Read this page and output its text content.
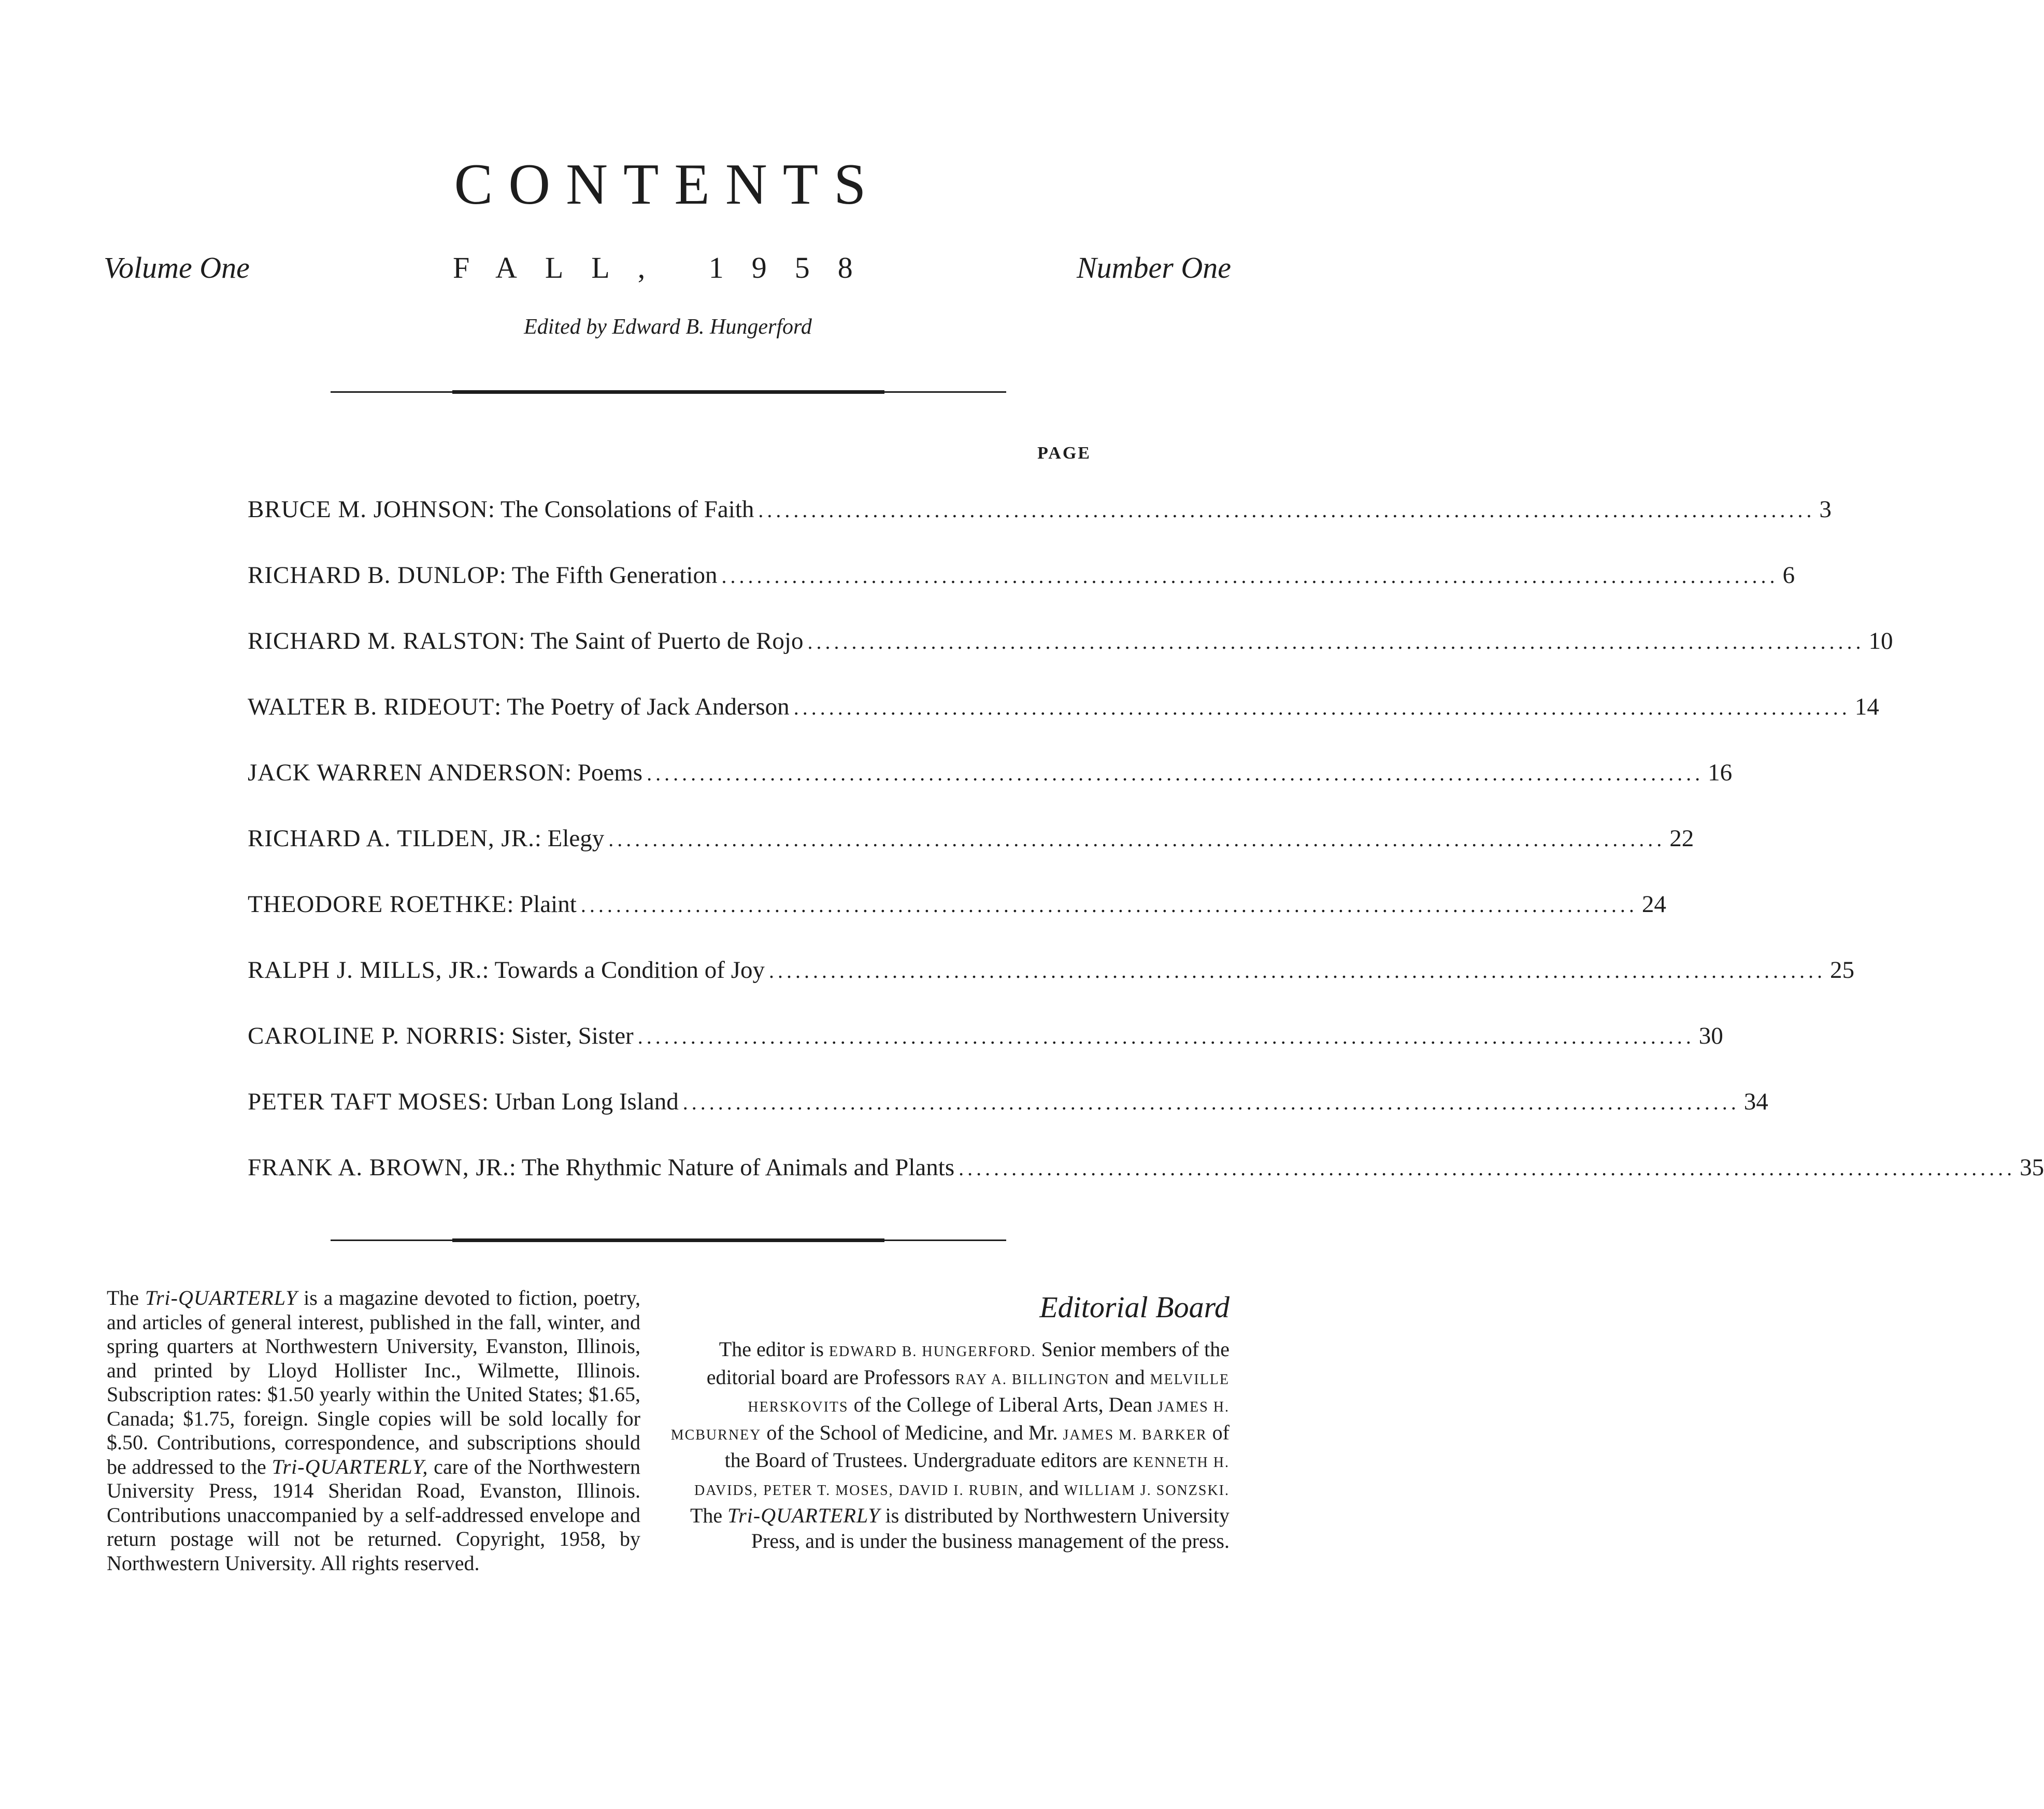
CONTENTS
Volume One	FALL, 1958	Number One
Edited by Edward B. Hungerford
PAGE
BRUCE M. JOHNSON: The Consolations of Faith ........................................................................................................................ 3
RICHARD B. DUNLOP: The Fifth Generation ........................................................................................................................ 6
RICHARD M. RALSTON: The Saint of Puerto de Rojo ........................................................................................................................ 10
WALTER B. RIDEOUT: The Poetry of Jack Anderson ........................................................................................................................ 14
JACK WARREN ANDERSON: Poems ........................................................................................................................ 16
RICHARD A. TILDEN, JR.: Elegy ........................................................................................................................ 22
THEODORE ROETHKE: Plaint ........................................................................................................................ 24
RALPH J. MILLS, JR.: Towards a Condition of Joy ........................................................................................................................ 25
CAROLINE P. NORRIS: Sister, Sister ........................................................................................................................ 30
PETER TAFT MOSES: Urban Long Island ........................................................................................................................ 34
FRANK A. BROWN, JR.: The Rhythmic Nature of Animals and Plants ........................................................................................................................ 35
The Tri-QUARTERLY is a magazine devoted to fiction, poetry, and articles of general interest, published in the fall, winter, and spring quarters at Northwestern University, Evanston, Illinois, and printed by Lloyd Hollister Inc., Wilmette, Illinois. Subscription rates: $1.50 yearly within the United States; $1.65, Canada; $1.75, foreign. Single copies will be sold locally for $.50. Contributions, correspondence, and subscriptions should be addressed to the Tri-QUARTERLY, care of the Northwestern University Press, 1914 Sheridan Road, Evanston, Illinois. Contributions unaccompanied by a self-addressed envelope and return postage will not be returned. Copyright, 1958, by Northwestern University. All rights reserved.
Editorial Board
The editor is EDWARD B. HUNGERFORD. Senior members of the editorial board are Professors RAY A. BILLINGTON and MELVILLE HERSKOVITS of the College of Liberal Arts, Dean JAMES H. MCBURNEY of the School of Medicine, and Mr. JAMES M. BARKER of the Board of Trustees. Undergraduate editors are KENNETH H. DAVIDS, PETER T. MOSES, DAVID I. RUBIN, and WILLIAM J. SONZSKI. The Tri-QUARTERLY is distributed by Northwestern University Press, and is under the business management of the press.
